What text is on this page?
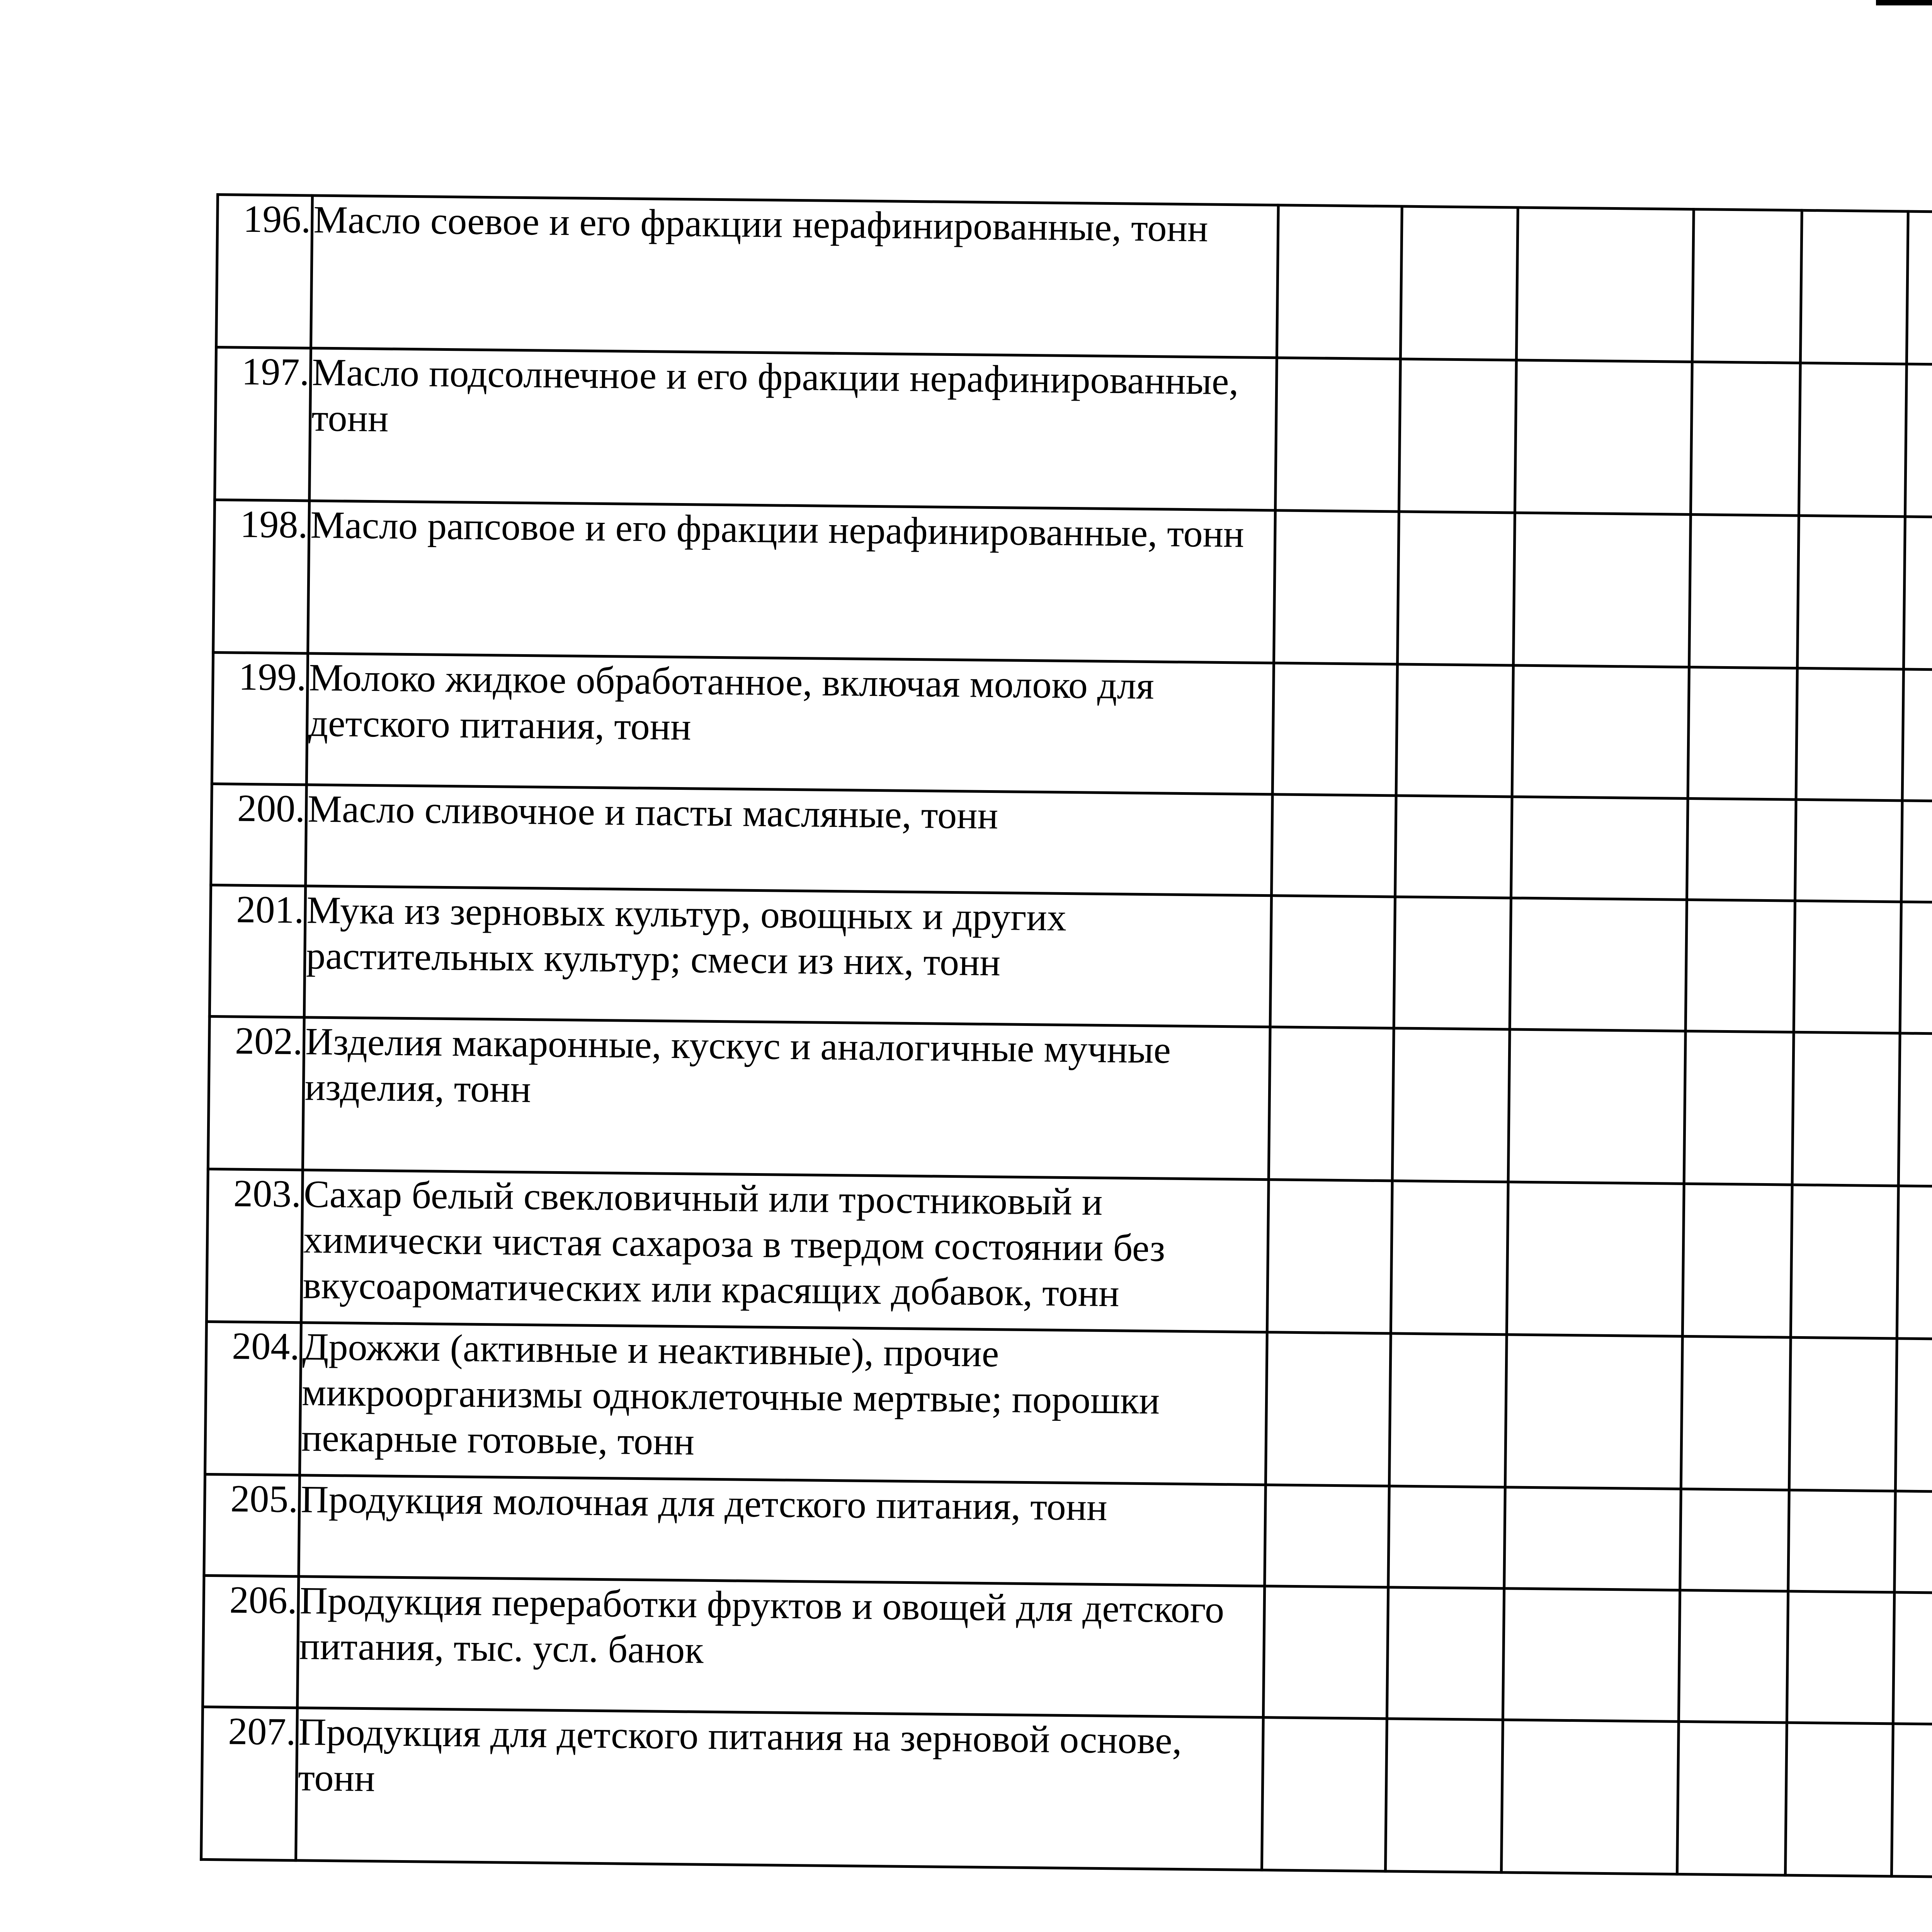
196.	Масло соевое и его фракции нерафинированные, тонн											
197.	Масло подсолнечное и его фракции нерафинированные, тонн											
198.	Масло рапсовое и его фракции нерафинированные, тонн											
199.	Молоко жидкое обработанное, включая молоко для детского питания, тонн											
200.	Масло сливочное и пасты масляные, тонн											
201.	Мука из зерновых культур, овощных и других растительных культур; смеси из них, тонн											
202.	Изделия макаронные, кускус и аналогичные мучные изделия, тонн											
203.	Сахар белый свекловичный или тростниковый и химически чистая сахароза в твердом состоянии без вкусоароматических или красящих добавок, тонн											
204.	Дрожжи (активные и неактивные), прочие микроорганизмы одноклеточные мертвые; порошки пекарные готовые, тонн											
205.	Продукция молочная для детского питания, тонн											
206.	Продукция переработки фруктов и овощей для детского питания, тыс. усл. банок											
207.	Продукция для детского питания на зерновой основе, тонн											
